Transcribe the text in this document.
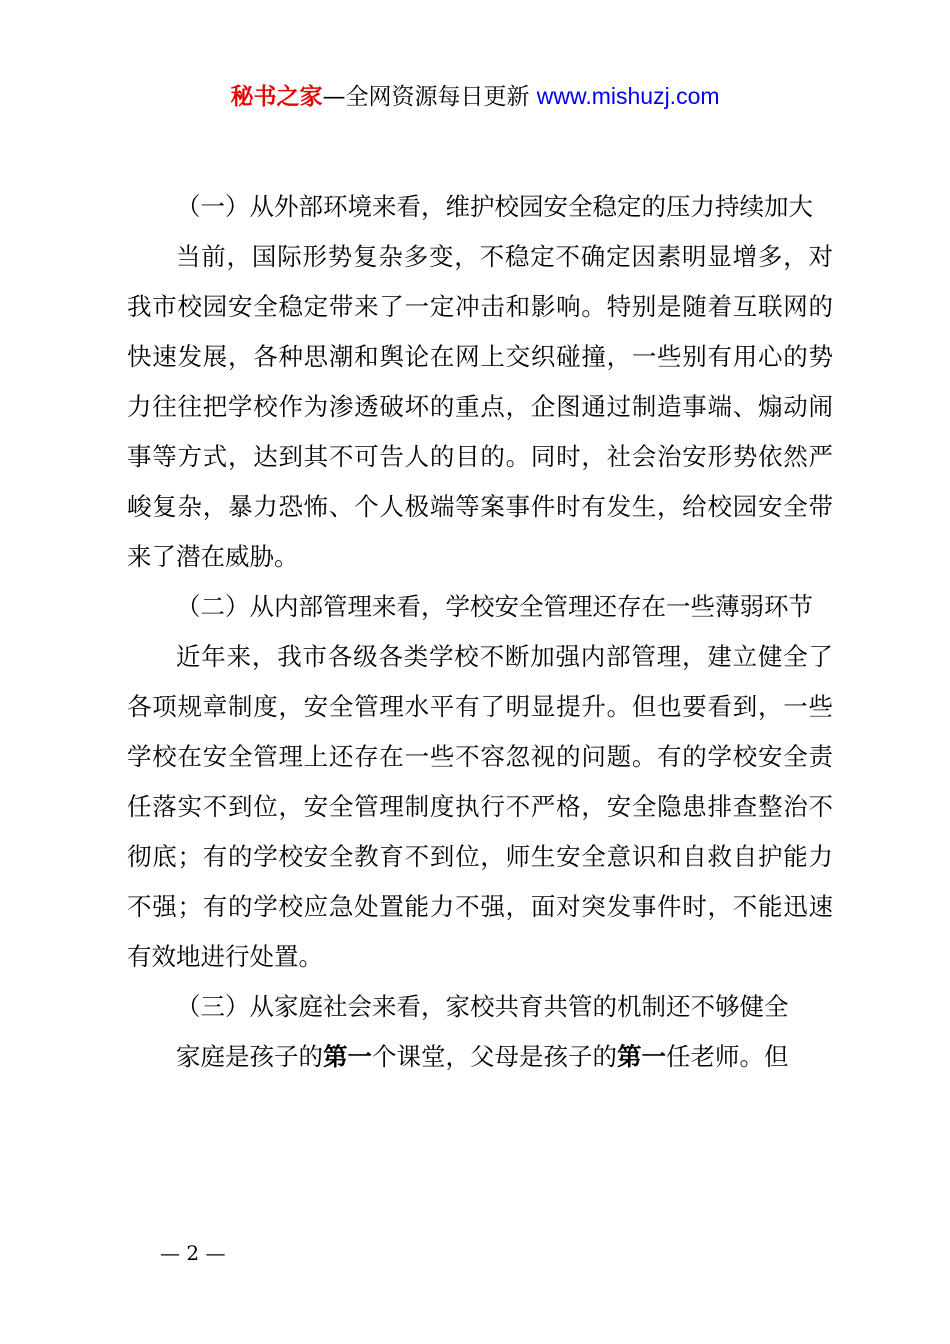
秘书之家—全网资源每日更新 www.mishuzj.com

（一）从外部环境来看，维护校园安全稳定的压力持续加大

当前，国际形势复杂多变，不稳定不确定因素明显增多，对我市校园安全稳定带来了一定冲击和影响。特别是随着互联网的快速发展，各种思潮和舆论在网上交织碰撞，一些别有用心的势力往往把学校作为渗透破坏的重点，企图通过制造事端、煽动闹事等方式，达到其不可告人的目的。同时，社会治安形势依然严峻复杂，暴力恐怖、个人极端等案事件时有发生，给校园安全带来了潜在威胁。

（二）从内部管理来看，学校安全管理还存在一些薄弱环节

近年来，我市各级各类学校不断加强内部管理，建立健全了各项规章制度，安全管理水平有了明显提升。但也要看到，一些学校在安全管理上还存在一些不容忽视的问题。有的学校安全责任落实不到位，安全管理制度执行不严格，安全隐患排查整治不彻底；有的学校安全教育不到位，师生安全意识和自救自护能力不强；有的学校应急处置能力不强，面对突发事件时，不能迅速有效地进行处置。

（三）从家庭社会来看，家校共育共管的机制还不够健全

家庭是孩子的第一个课堂，父母是孩子的第一任老师。但

— 2 —
